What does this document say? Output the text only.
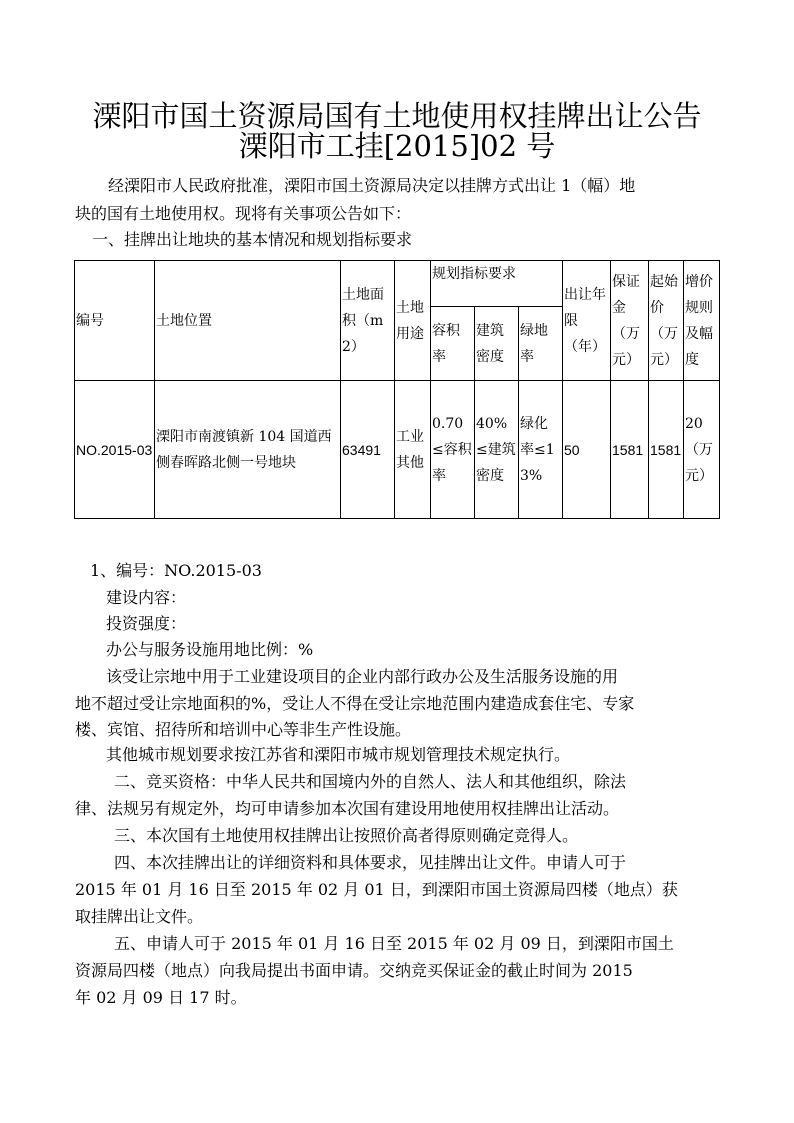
溧阳市国土资源局国有土地使用权挂牌出让公告
溧阳市工挂[2015]02 号
经溧阳市人民政府批准，溧阳市国土资源局决定以挂牌方式出让 1（幅）地
块的国有土地使用权。现将有关事项公告如下：
一、挂牌出让地块的基本情况和规划指标要求
编号	土地位置	土地面积（m2）	土地用途	规划指标要求			出让年限（年）	保证金（万元）	起始价（万元）	增价规则及幅度
				容积率	建筑密度	绿地率				
NO.2015-03	溧阳市南渡镇新 104 国道西侧春晖路北侧一号地块	63491	工业其他	0.70≤容积率	40%≤建筑密度	绿化率≤13%	50	1581	1581	20（万元）
1、编号：NO.2015-03
建设内容：
投资强度：
办公与服务设施用地比例：%
该受让宗地中用于工业建设项目的企业内部行政办公及生活服务设施的用
地不超过受让宗地面积的%，受让人不得在受让宗地范围内建造成套住宅、专家
楼、宾馆、招待所和培训中心等非生产性设施。
其他城市规划要求按江苏省和溧阳市城市规划管理技术规定执行。
二、竞买资格：中华人民共和国境内外的自然人、法人和其他组织，除法
律、法规另有规定外，均可申请参加本次国有建设用地使用权挂牌出让活动。
三、本次国有土地使用权挂牌出让按照价高者得原则确定竞得人。
四、本次挂牌出让的详细资料和具体要求，见挂牌出让文件。申请人可于
2015 年 01 月 16 日至 2015 年 02 月 01 日，到溧阳市国土资源局四楼（地点）获
取挂牌出让文件。
五、申请人可于 2015 年 01 月 16 日至 2015 年 02 月 09 日，到溧阳市国土
资源局四楼（地点）向我局提出书面申请。交纳竞买保证金的截止时间为 2015
年 02 月 09 日 17 时。
